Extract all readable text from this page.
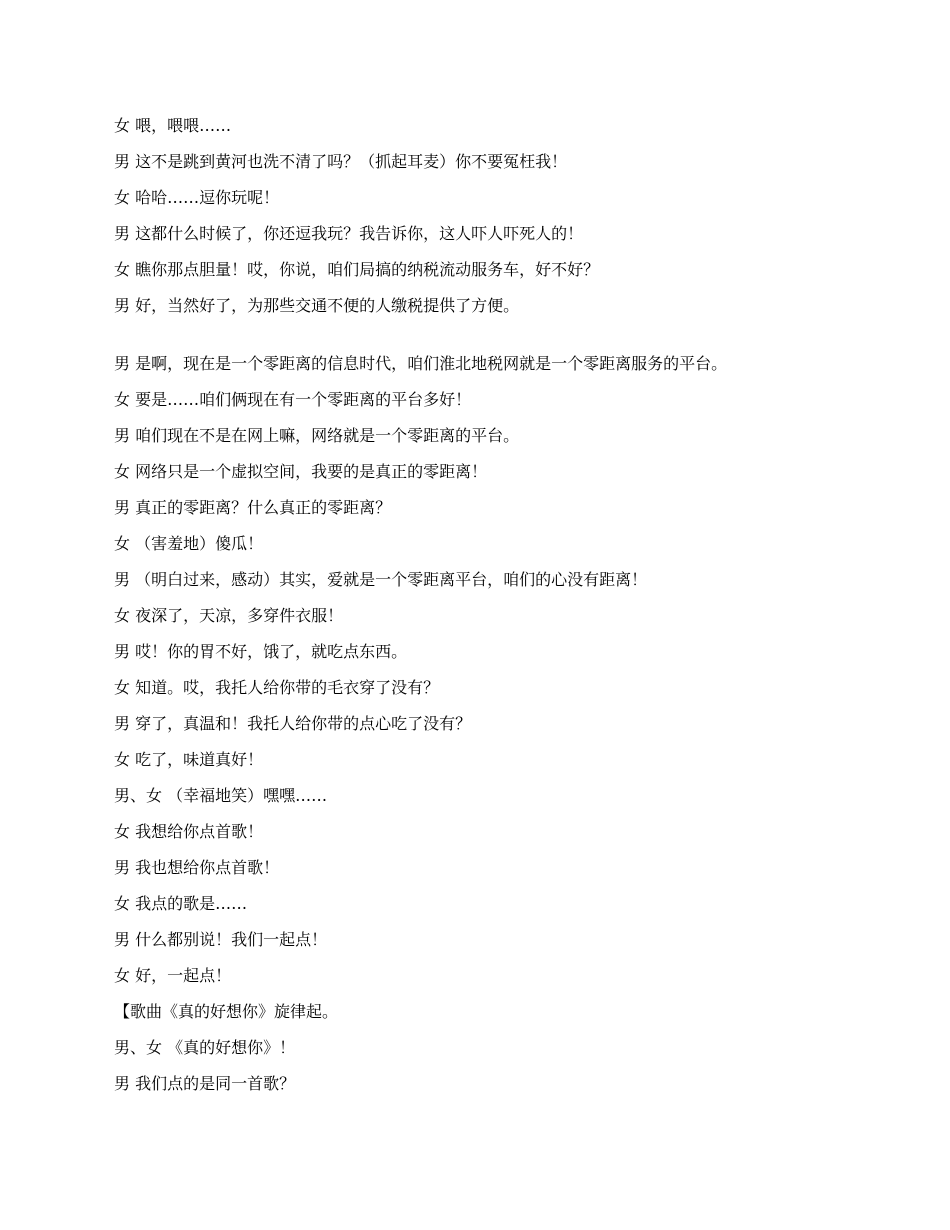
女 喂，喂喂……
男 这不是跳到黄河也洗不清了吗？（抓起耳麦）你不要冤枉我！
女 哈哈……逗你玩呢！
男 这都什么时候了，你还逗我玩？我告诉你，这人吓人吓死人的！
女 瞧你那点胆量！哎，你说，咱们局搞的纳税流动服务车，好不好？
男 好，当然好了，为那些交通不便的人缴税提供了方便。
男 是啊，现在是一个零距离的信息时代，咱们淮北地税网就是一个零距离服务的平台。
女 要是……咱们俩现在有一个零距离的平台多好！
男 咱们现在不是在网上嘛，网络就是一个零距离的平台。
女 网络只是一个虚拟空间，我要的是真正的零距离！
男 真正的零距离？什么真正的零距离？
女 （害羞地）傻瓜！
男 （明白过来，感动）其实，爱就是一个零距离平台，咱们的心没有距离！
女 夜深了，天凉，多穿件衣服！
男 哎！你的胃不好，饿了，就吃点东西。
女 知道。哎，我托人给你带的毛衣穿了没有？
男 穿了，真温和！我托人给你带的点心吃了没有？
女 吃了，味道真好！
男、女 （幸福地笑）嘿嘿……
女 我想给你点首歌！
男 我也想给你点首歌！
女 我点的歌是……
男 什么都别说！我们一起点！
女 好，一起点！
【歌曲《真的好想你》旋律起。
男、女 《真的好想你》！
男 我们点的是同一首歌？
